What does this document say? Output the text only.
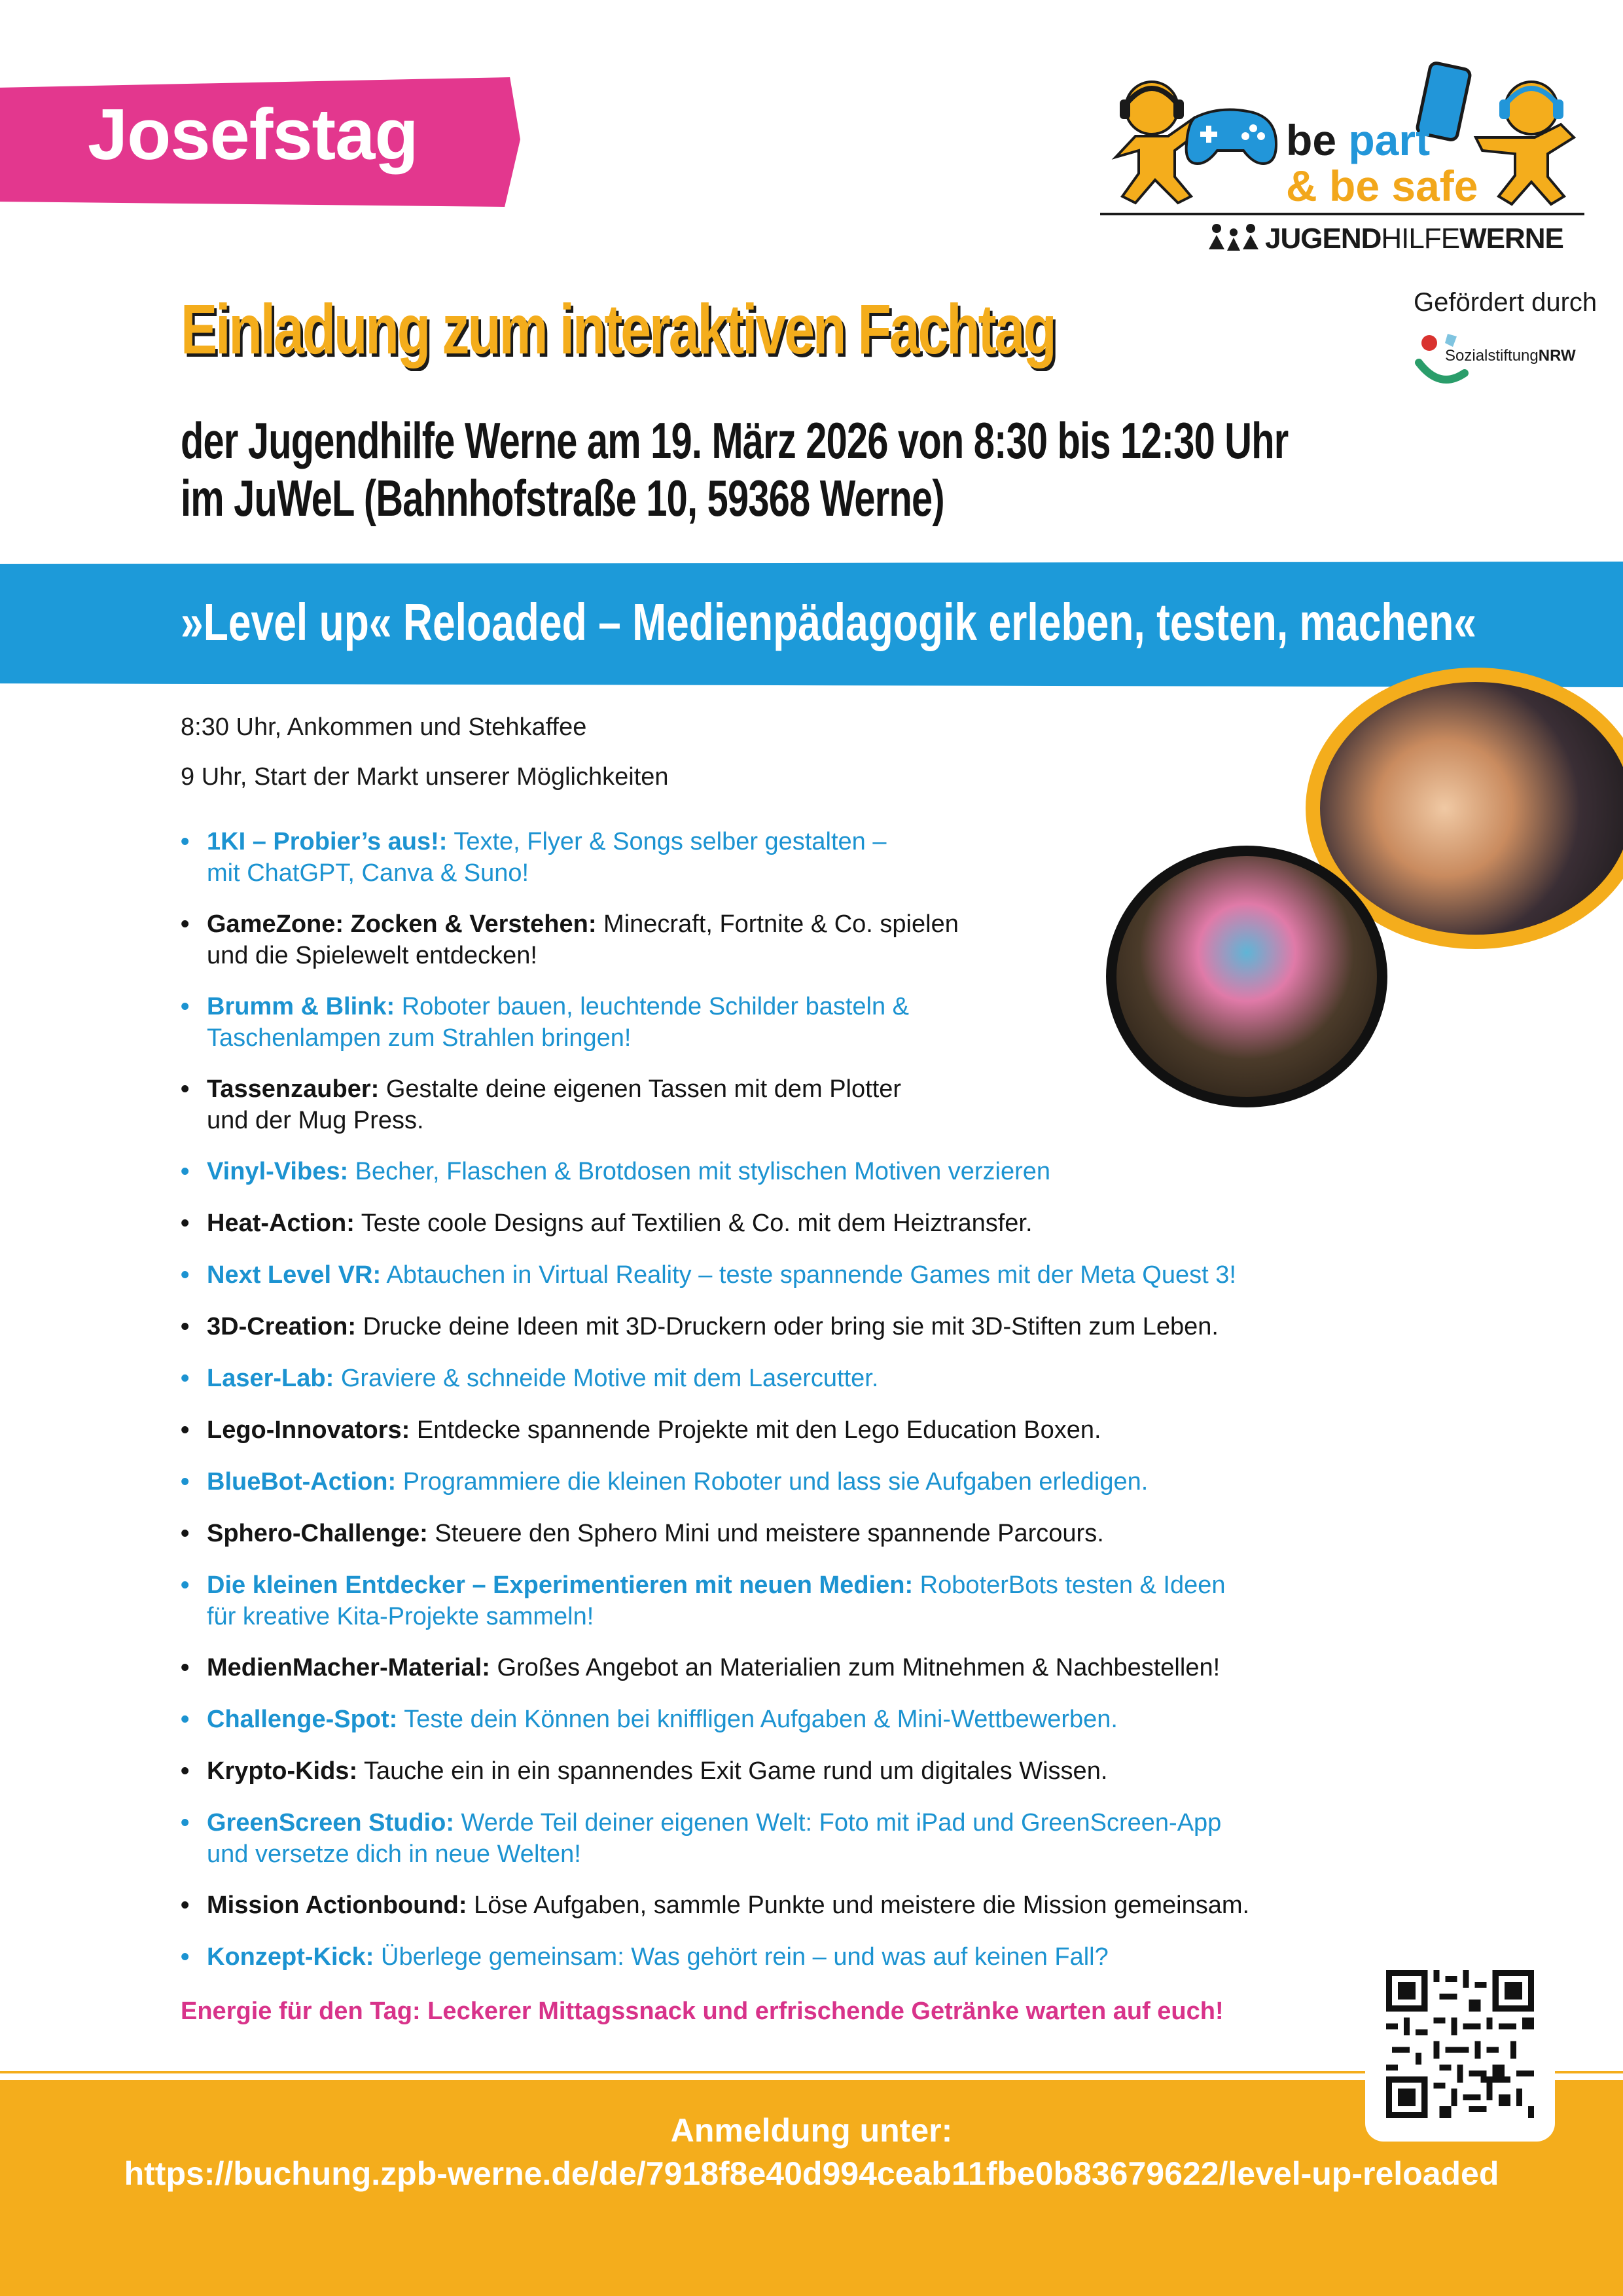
Josefstag	be part
& be safe
JUGENDHILFEWERNE
Gefördert durch
SozialstiftungNRW
Einladung zum interaktiven Fachtag
der Jugendhilfe Werne am 19. März 2026 von 8:30 bis 12:30 Uhr
im JuWeL (Bahnhofstraße 10, 59368 Werne)
»Level up« Reloaded – Medienpädagogik erleben, testen, machen«
8:30 Uhr, Ankommen und Stehkaffee
9 Uhr, Start der Markt unserer Möglichkeiten
• 1KI – Probier’s aus!: Texte, Flyer & Songs selber gestalten –
mit ChatGPT, Canva & Suno!
• GameZone: Zocken & Verstehen: Minecraft, Fortnite & Co. spielen
und die Spielewelt entdecken!
• Brumm & Blink: Roboter bauen, leuchtende Schilder basteln &
Taschenlampen zum Strahlen bringen!
• Tassenzauber: Gestalte deine eigenen Tassen mit dem Plotter
und der Mug Press.
• Vinyl-Vibes: Becher, Flaschen & Brotdosen mit stylischen Motiven verzieren
• Heat-Action: Teste coole Designs auf Textilien & Co. mit dem Heiztransfer.
• Next Level VR: Abtauchen in Virtual Reality – teste spannende Games mit der Meta Quest 3!
• 3D-Creation: Drucke deine Ideen mit 3D-Druckern oder bring sie mit 3D-Stiften zum Leben.
• Laser-Lab: Graviere & schneide Motive mit dem Lasercutter.
• Lego-Innovators: Entdecke spannende Projekte mit den Lego Education Boxen.
• BlueBot-Action: Programmiere die kleinen Roboter und lass sie Aufgaben erledigen.
• Sphero-Challenge: Steuere den Sphero Mini und meistere spannende Parcours.
• Die kleinen Entdecker – Experimentieren mit neuen Medien: RoboterBots testen & Ideen
für kreative Kita-Projekte sammeln!
• MedienMacher-Material: Großes Angebot an Materialien zum Mitnehmen & Nachbestellen!
• Challenge-Spot: Teste dein Können bei kniffligen Aufgaben & Mini-Wettbewerben.
• Krypto-Kids: Tauche ein in ein spannendes Exit Game rund um digitales Wissen.
• GreenScreen Studio: Werde Teil deiner eigenen Welt: Foto mit iPad und GreenScreen-App
und versetze dich in neue Welten!
• Mission Actionbound: Löse Aufgaben, sammle Punkte und meistere die Mission gemeinsam.
• Konzept-Kick: Überlege gemeinsam: Was gehört rein – und was auf keinen Fall?
Energie für den Tag: Leckerer Mittagssnack und erfrischende Getränke warten auf euch!
Anmeldung unter:
https://buchung.zpb-werne.de/de/7918f8e40d994ceab11fbe0b83679622/level-up-reloaded
